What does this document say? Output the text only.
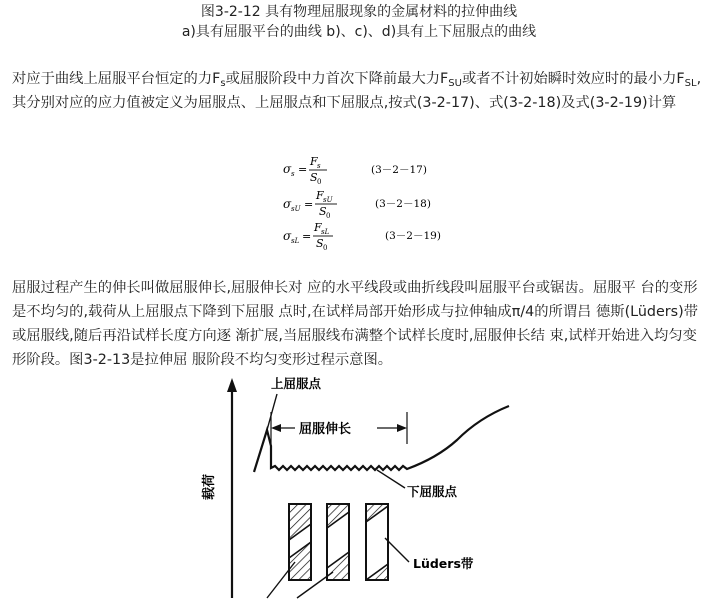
图3-2-12 具有物理屈服现象的金属材料的拉伸曲线
a)具有屈服平台的曲线 b)、c)、d)具有上下屈服点的曲线

对应于曲线上屈服平台恒定的力$F_s$或屈服阶段中力首次下降前最大力$F_{SU}$或者不计初始瞬时效应时的最小力$F_{SL}$,其分别对应的应力值被定义为屈服点、上屈服点和下屈服点,按式(3-2-17)、式(3-2-18)及式(3-2-19)计算

σ s =
F s
S 0
(3－2－17)
σ sU =
F sU
S 0
(3－2－18)
σ sL =
F sL
S 0
(3－2－19)

屈服过程产生的伸长叫做屈服伸长,屈服伸长对 应的水平线段或曲折线段叫屈服平台或锯齿。屈服平 台的变形是不均匀的,载荷从上屈服点下降到下屈服 点时,在试样局部开始形成与拉伸轴成π/4的所谓吕 德斯(Lüders)带或屈服线,随后再沿试样长度方向逐 渐扩展,当屈服线布满整个试样长度时,屈服伸长结 束,试样开始进入均匀变形阶段。图3-2-13是拉伸屈 服阶段不均匀变形过程示意图。

载荷
上屈服点
屈服伸长
下屈服点
Lüders带
